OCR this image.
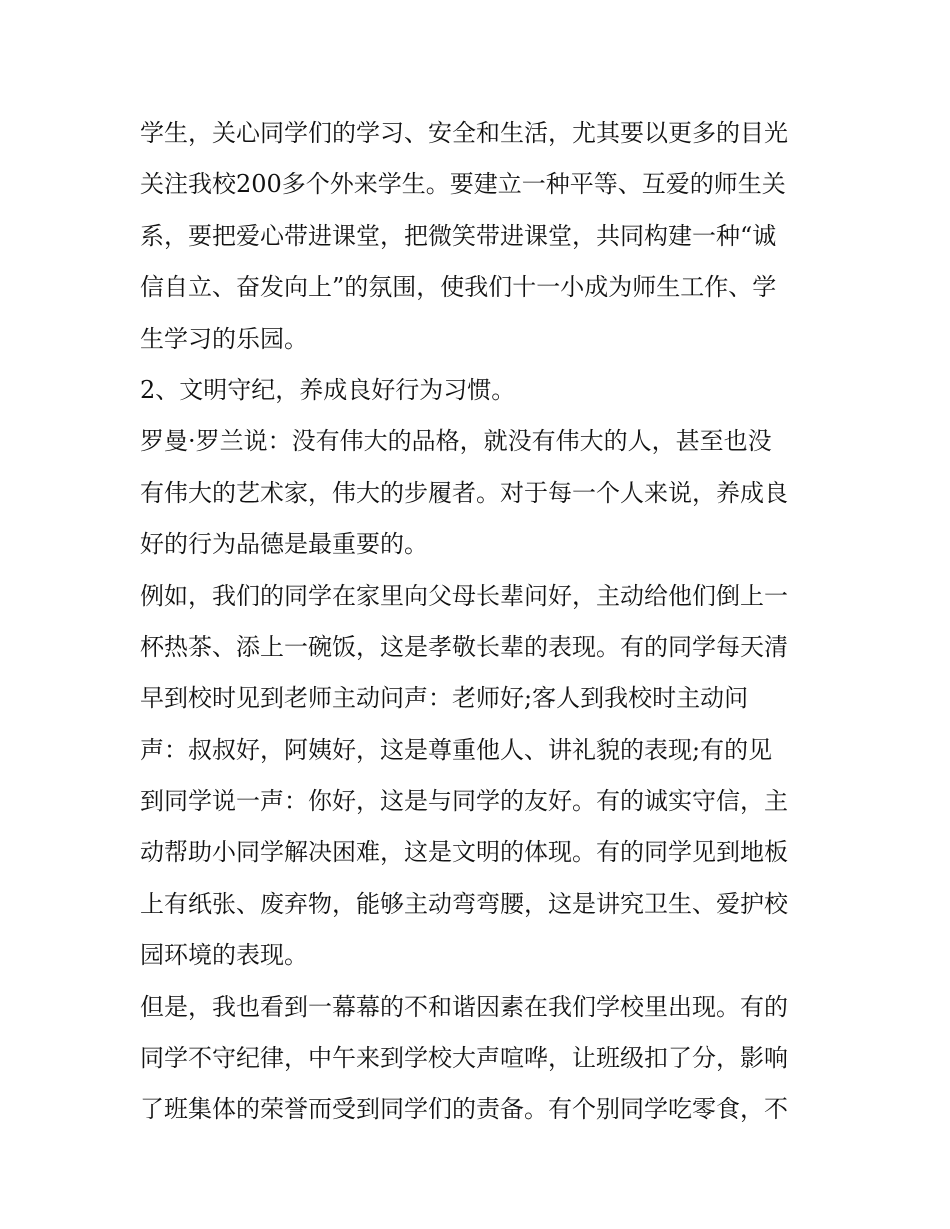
学生，关心同学们的学习、安全和生活，尤其要以更多的目光
关注我校200多个外来学生。要建立一种平等、互爱的师生关
系，要把爱心带进课堂，把微笑带进课堂，共同构建一种“诚
信自立、奋发向上”的氛围，使我们十一小成为师生工作、学
生学习的乐园。
2、文明守纪，养成良好行为习惯。
罗曼·罗兰说：没有伟大的品格，就没有伟大的人，甚至也没
有伟大的艺术家，伟大的步履者。对于每一个人来说，养成良
好的行为品德是最重要的。
例如，我们的同学在家里向父母长辈问好，主动给他们倒上一
杯热茶、添上一碗饭，这是孝敬长辈的表现。有的同学每天清
早到校时见到老师主动问声：老师好;客人到我校时主动问
声：叔叔好，阿姨好，这是尊重他人、讲礼貌的表现;有的见
到同学说一声：你好，这是与同学的友好。有的诚实守信，主
动帮助小同学解决困难，这是文明的体现。有的同学见到地板
上有纸张、废弃物，能够主动弯弯腰，这是讲究卫生、爱护校
园环境的表现。
但是，我也看到一幕幕的不和谐因素在我们学校里出现。有的
同学不守纪律，中午来到学校大声喧哗，让班级扣了分，影响
了班集体的荣誉而受到同学们的责备。有个别同学吃零食，不
